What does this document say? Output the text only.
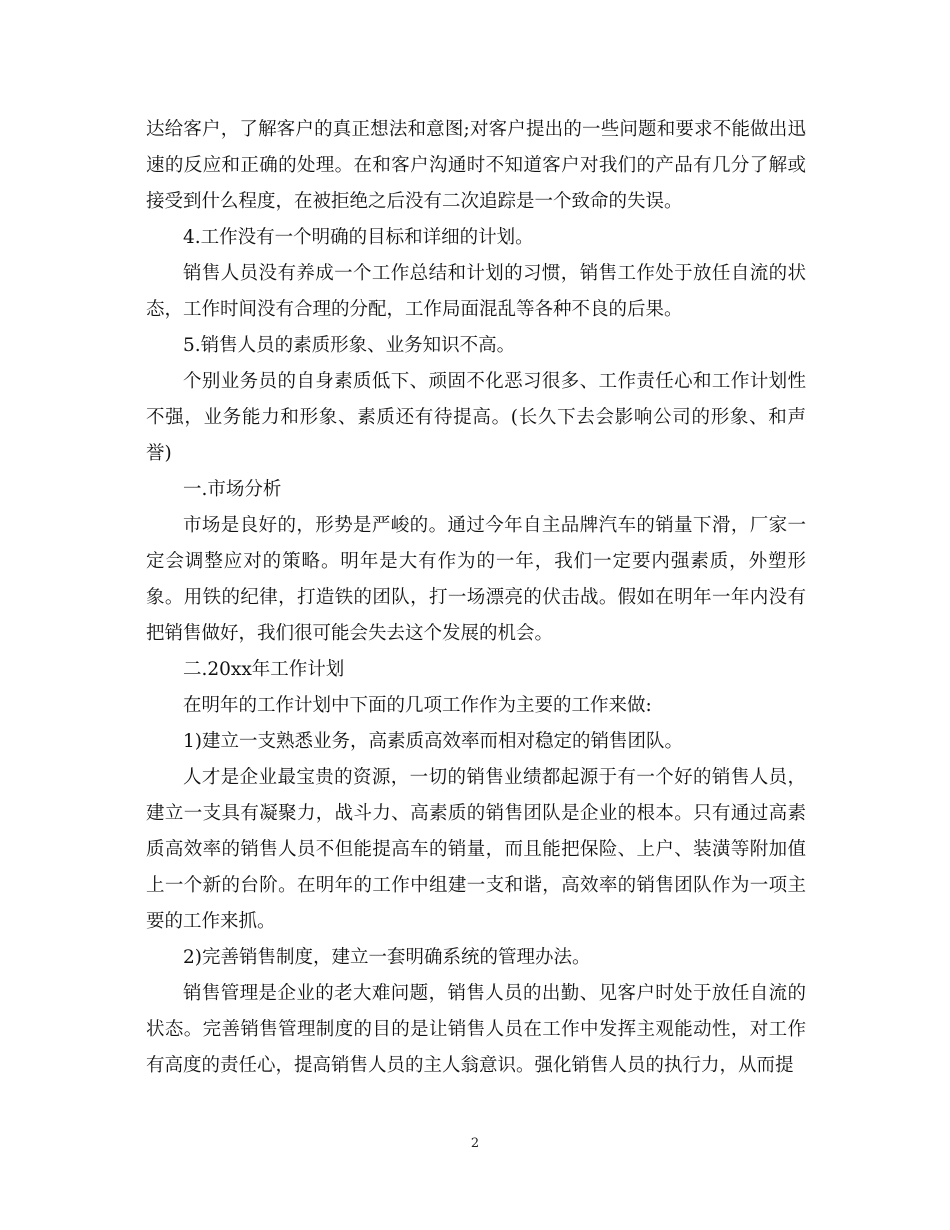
达给客户，了解客户的真正想法和意图;对客户提出的一些问题和要求不能做出迅速的反应和正确的处理。在和客户沟通时不知道客户对我们的产品有几分了解或接受到什么程度，在被拒绝之后没有二次追踪是一个致命的失误。

4.工作没有一个明确的目标和详细的计划。

销售人员没有养成一个工作总结和计划的习惯，销售工作处于放任自流的状态，工作时间没有合理的分配，工作局面混乱等各种不良的后果。

5.销售人员的素质形象、业务知识不高。

个别业务员的自身素质低下、顽固不化恶习很多、工作责任心和工作计划性不强，业务能力和形象、素质还有待提高。(长久下去会影响公司的形象、和声誉)

一.市场分析

市场是良好的，形势是严峻的。通过今年自主品牌汽车的销量下滑，厂家一定会调整应对的策略。明年是大有作为的一年，我们一定要内强素质，外塑形象。用铁的纪律，打造铁的团队，打一场漂亮的伏击战。假如在明年一年内没有把销售做好，我们很可能会失去这个发展的机会。

二.20xx年工作计划

在明年的工作计划中下面的几项工作作为主要的工作来做:

1)建立一支熟悉业务，高素质高效率而相对稳定的销售团队。

人才是企业最宝贵的资源，一切的销售业绩都起源于有一个好的销售人员，建立一支具有凝聚力，战斗力、高素质的销售团队是企业的根本。只有通过高素质高效率的销售人员不但能提高车的销量，而且能把保险、上户、装潢等附加值上一个新的台阶。在明年的工作中组建一支和谐，高效率的销售团队作为一项主要的工作来抓。

2)完善销售制度，建立一套明确系统的管理办法。

销售管理是企业的老大难问题，销售人员的出勤、见客户时处于放任自流的状态。完善销售管理制度的目的是让销售人员在工作中发挥主观能动性，对工作有高度的责任心，提高销售人员的主人翁意识。强化销售人员的执行力，从而提

2
